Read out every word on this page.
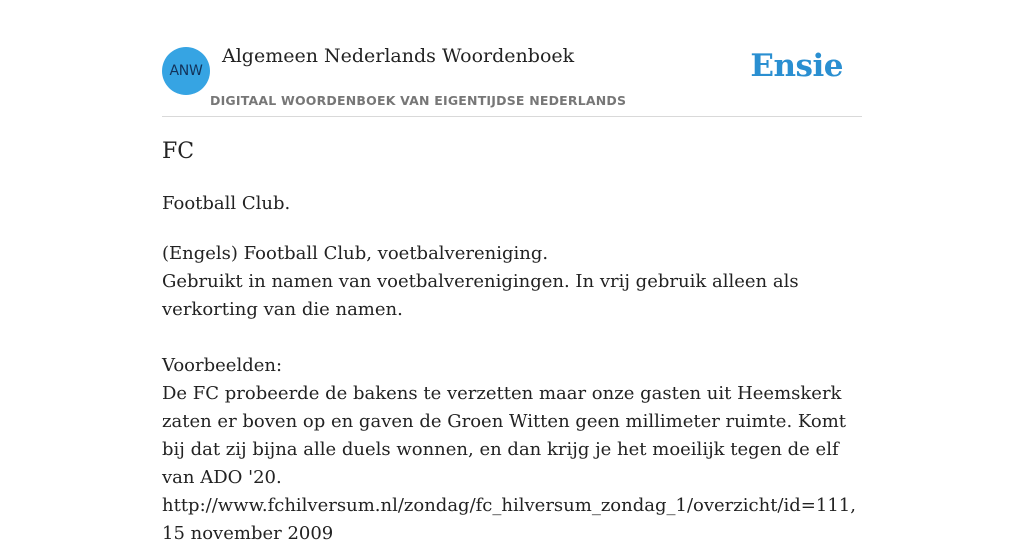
ANW
Algemeen Nederlands Woordenboek
DIGITAAL WOORDENBOEK VAN EIGENTIJDSE NEDERLANDS
Ensie
FC
Football Club.

(Engels) Football Club, voetbalvereniging.

Gebruikt in namen van voetbalverenigingen. In vrij gebruik alleen als verkorting van die namen.

Voorbeelden:

De FC probeerde de bakens te verzetten maar onze gasten uit Heemskerk zaten er boven op en gaven de Groen Witten geen millimeter ruimte. Komt bij dat zij bijna alle duels wonnen, en dan krijg je het moeilijk tegen de elf van ADO '20.

http://www.fchilversum.nl/zondag/fc_hilversum_zondag_1/overzicht/id=111, 15 november 2009
